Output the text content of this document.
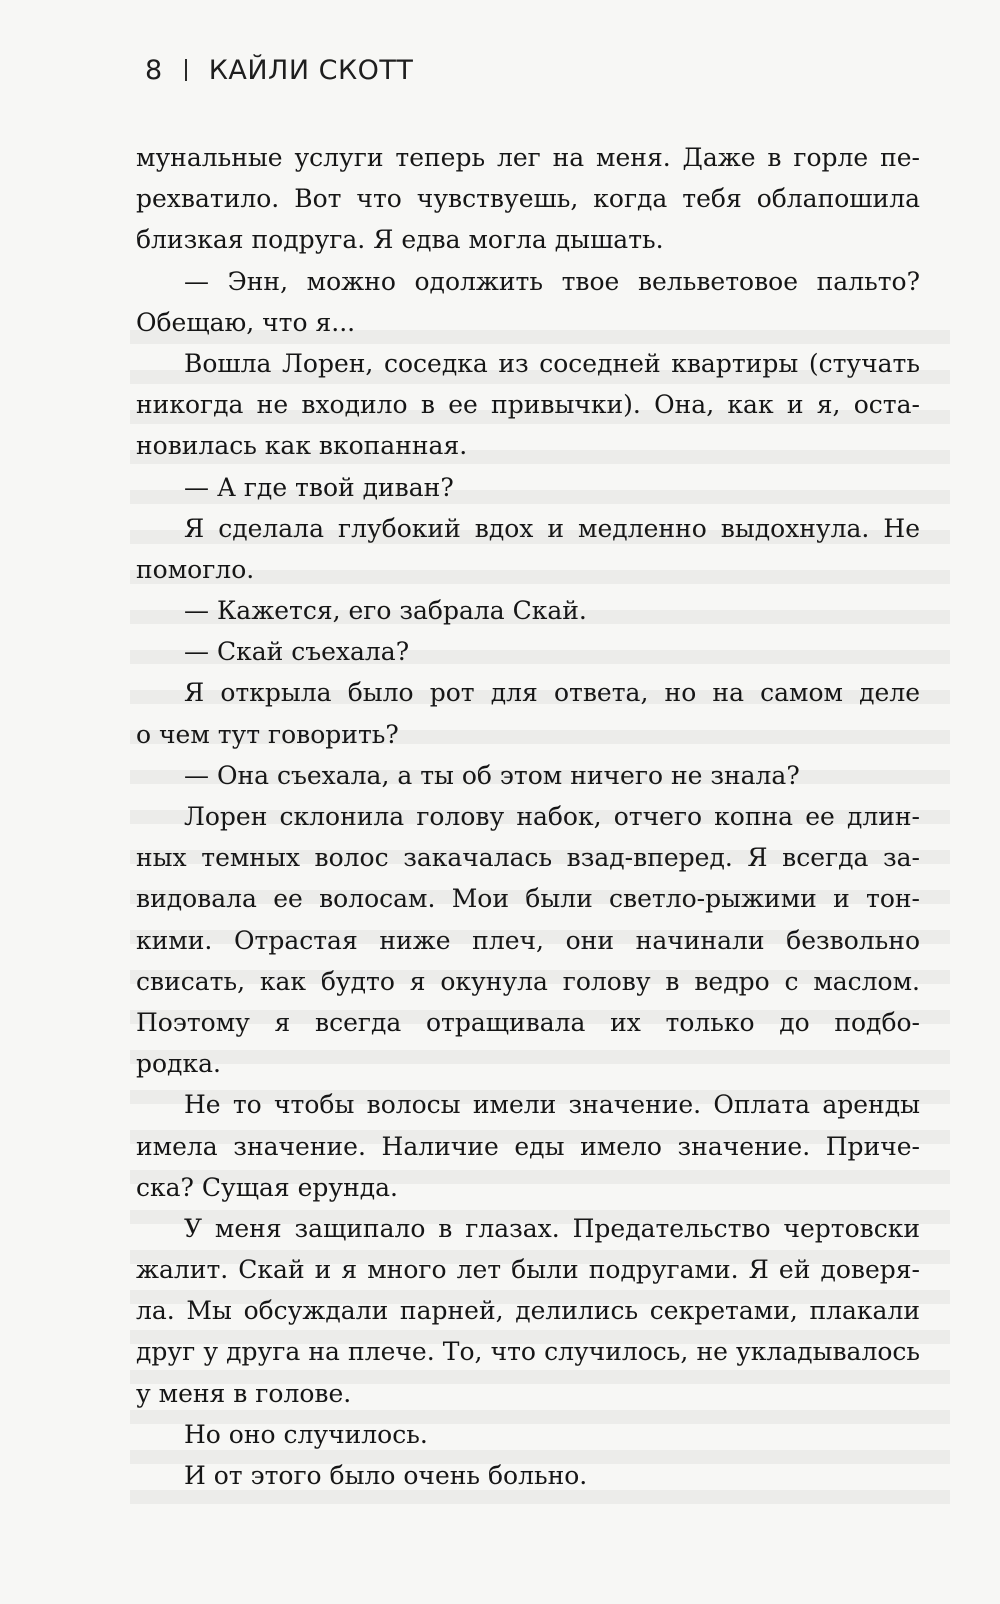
8 КАЙЛИ СКОТТ
мунальные услуги теперь лег на меня. Даже в горле пе-
рехватило. Вот что чувствуешь, когда тебя облапошила
близкая подруга. Я едва могла дышать.
— Энн, можно одолжить твое вельветовое пальто?
Обещаю, что я...
Вошла Лорен, соседка из соседней квартиры (стучать
никогда не входило в ее привычки). Она, как и я, оста-
новилась как вкопанная.
— А где твой диван?
Я сделала глубокий вдох и медленно выдохнула. Не
помогло.
— Кажется, его забрала Скай.
— Скай съехала?
Я открыла было рот для ответа, но на самом деле
о чем тут говорить?
— Она съехала, а ты об этом ничего не знала?
Лорен склонила голову набок, отчего копна ее длин-
ных темных волос закачалась взад-вперед. Я всегда за-
видовала ее волосам. Мои были светло-рыжими и тон-
кими. Отрастая ниже плеч, они начинали безвольно
свисать, как будто я окунула голову в ведро с маслом.
Поэтому я всегда отращивала их только до подбо-
родка.
Не то чтобы волосы имели значение. Оплата аренды
имела значение. Наличие еды имело значение. Приче-
ска? Сущая ерунда.
У меня защипало в глазах. Предательство чертовски
жалит. Скай и я много лет были подругами. Я ей доверя-
ла. Мы обсуждали парней, делились секретами, плакали
друг у друга на плече. То, что случилось, не укладывалось
у меня в голове.
Но оно случилось.
И от этого было очень больно.
